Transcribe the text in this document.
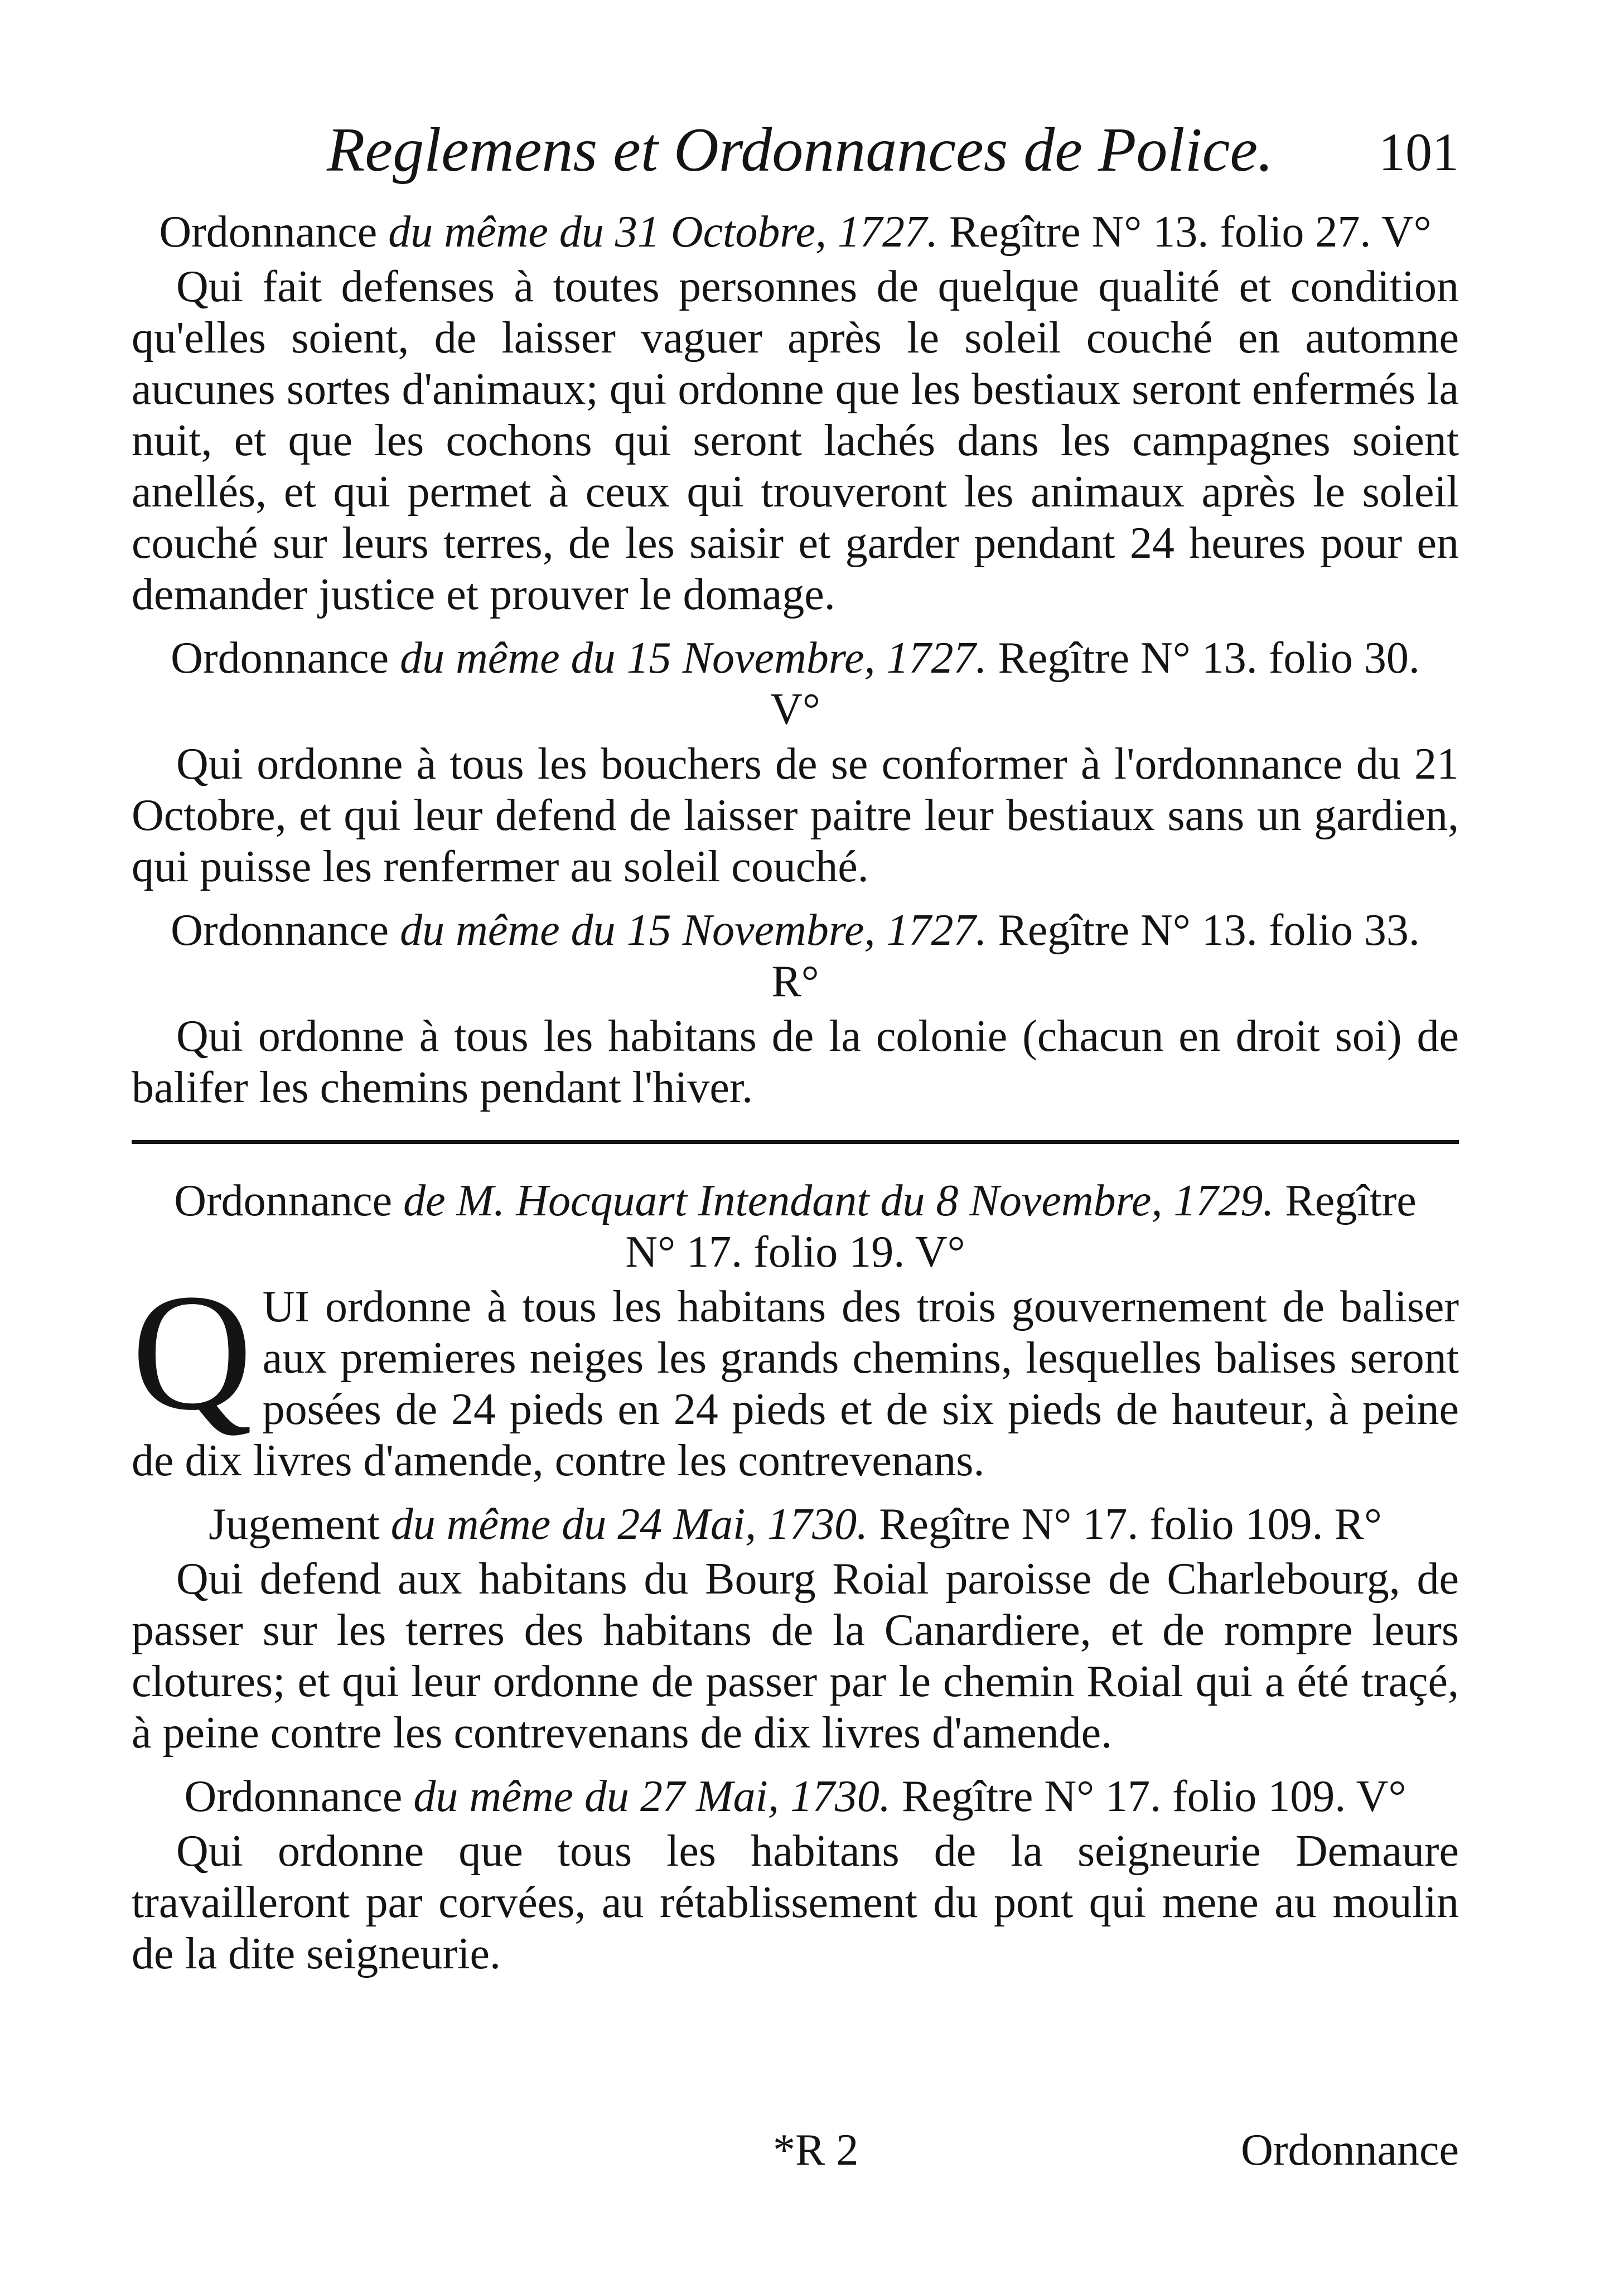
Reglemens et Ordonnances de Police. 101
Ordonnance du même du 31 Octobre, 1727. Regître N° 13. folio 27. V°

Qui fait defenses à toutes personnes de quelque qualité et condition qu'elles soient, de laisser vaguer après le soleil couché en automne aucunes sortes d'animaux; qui ordonne que les bestiaux seront enfermés la nuit, et que les cochons qui seront lachés dans les campagnes soient anellés, et qui permet à ceux qui trouveront les animaux après le soleil couché sur leurs terres, de les saisir et garder pendant 24 heures pour en demander justice et prouver le domage.

Ordonnance du même du 15 Novembre, 1727. Regître N° 13. folio 30. V°

Qui ordonne à tous les bouchers de se conformer à l'ordonnance du 21 Octobre, et qui leur defend de laisser paitre leur bestiaux sans un gardien, qui puisse les renfermer au soleil couché.

Ordonnance du même du 15 Novembre, 1727. Regître N° 13. folio 33. R°

Qui ordonne à tous les habitans de la colonie (chacun en droit soi) de balifer les chemins pendant l'hiver.

Ordonnance de M. Hocquart Intendant du 8 Novembre, 1729. Regître N° 17. folio 19. V°
Q UI ordonne à tous les habitans des trois gouvernement de baliser aux premieres neiges les grands chemins, lesquelles balises seront posées de 24 pieds en 24 pieds et de six pieds de hauteur, à peine de dix livres d'amende, contre les contrevenans.
Jugement du même du 24 Mai, 1730. Regître N° 17. folio 109. R°

Qui defend aux habitans du Bourg Roial paroisse de Charlebourg, de passer sur les terres des habitans de la Canardiere, et de rompre leurs clotures; et qui leur ordonne de passer par le chemin Roial qui a été traçé, à peine contre les contrevenans de dix livres d'amende.

Ordonnance du même du 27 Mai, 1730. Regître N° 17. folio 109. V°

Qui ordonne que tous les habitans de la seigneurie Demaure travailleront par corvées, au rétablissement du pont qui mene au moulin de la dite seigneurie.

*R 2	Ordonnance
